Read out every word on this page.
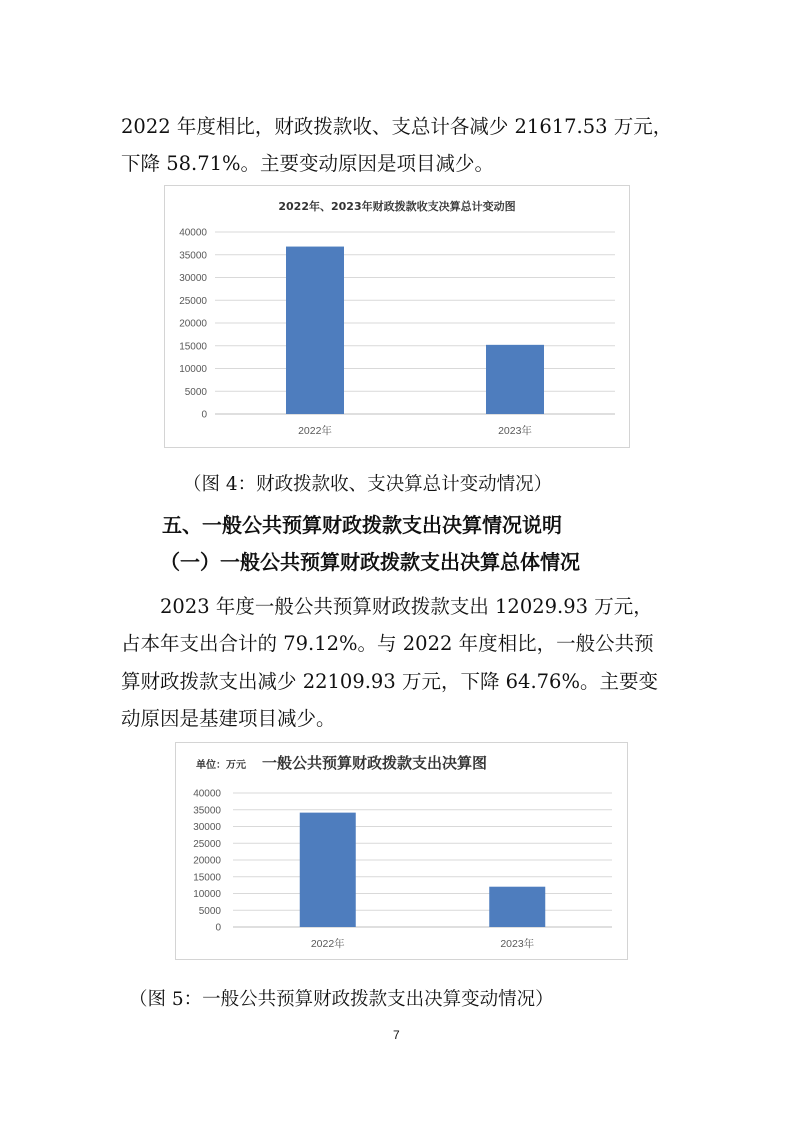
2022 年度相比，财政拨款收、支总计各减少 21617.53 万元，

下降 58.71%。主要变动原因是项目减少。

2022年、2023年财政拨款收支决算总计变动图
0
5000
10000
15000
20000
25000
30000
35000
40000
2022年	2023年

（图 4：财政拨款收、支决算总计变动情况）

五、一般公共预算财政拨款支出决算情况说明

（一）一般公共预算财政拨款支出决算总体情况

2023 年度一般公共预算财政拨款支出 12029.93 万元，

占本年支出合计的 79.12%。与 2022 年度相比，一般公共预

算财政拨款支出减少 22109.93 万元，下降 64.76%。主要变

动原因是基建项目减少。

单位：万元 一般公共预算财政拨款支出决算图
0
5000
10000
15000
20000
25000
30000
35000
40000
2022年	2023年

（图 5：一般公共预算财政拨款支出决算变动情况）

7
